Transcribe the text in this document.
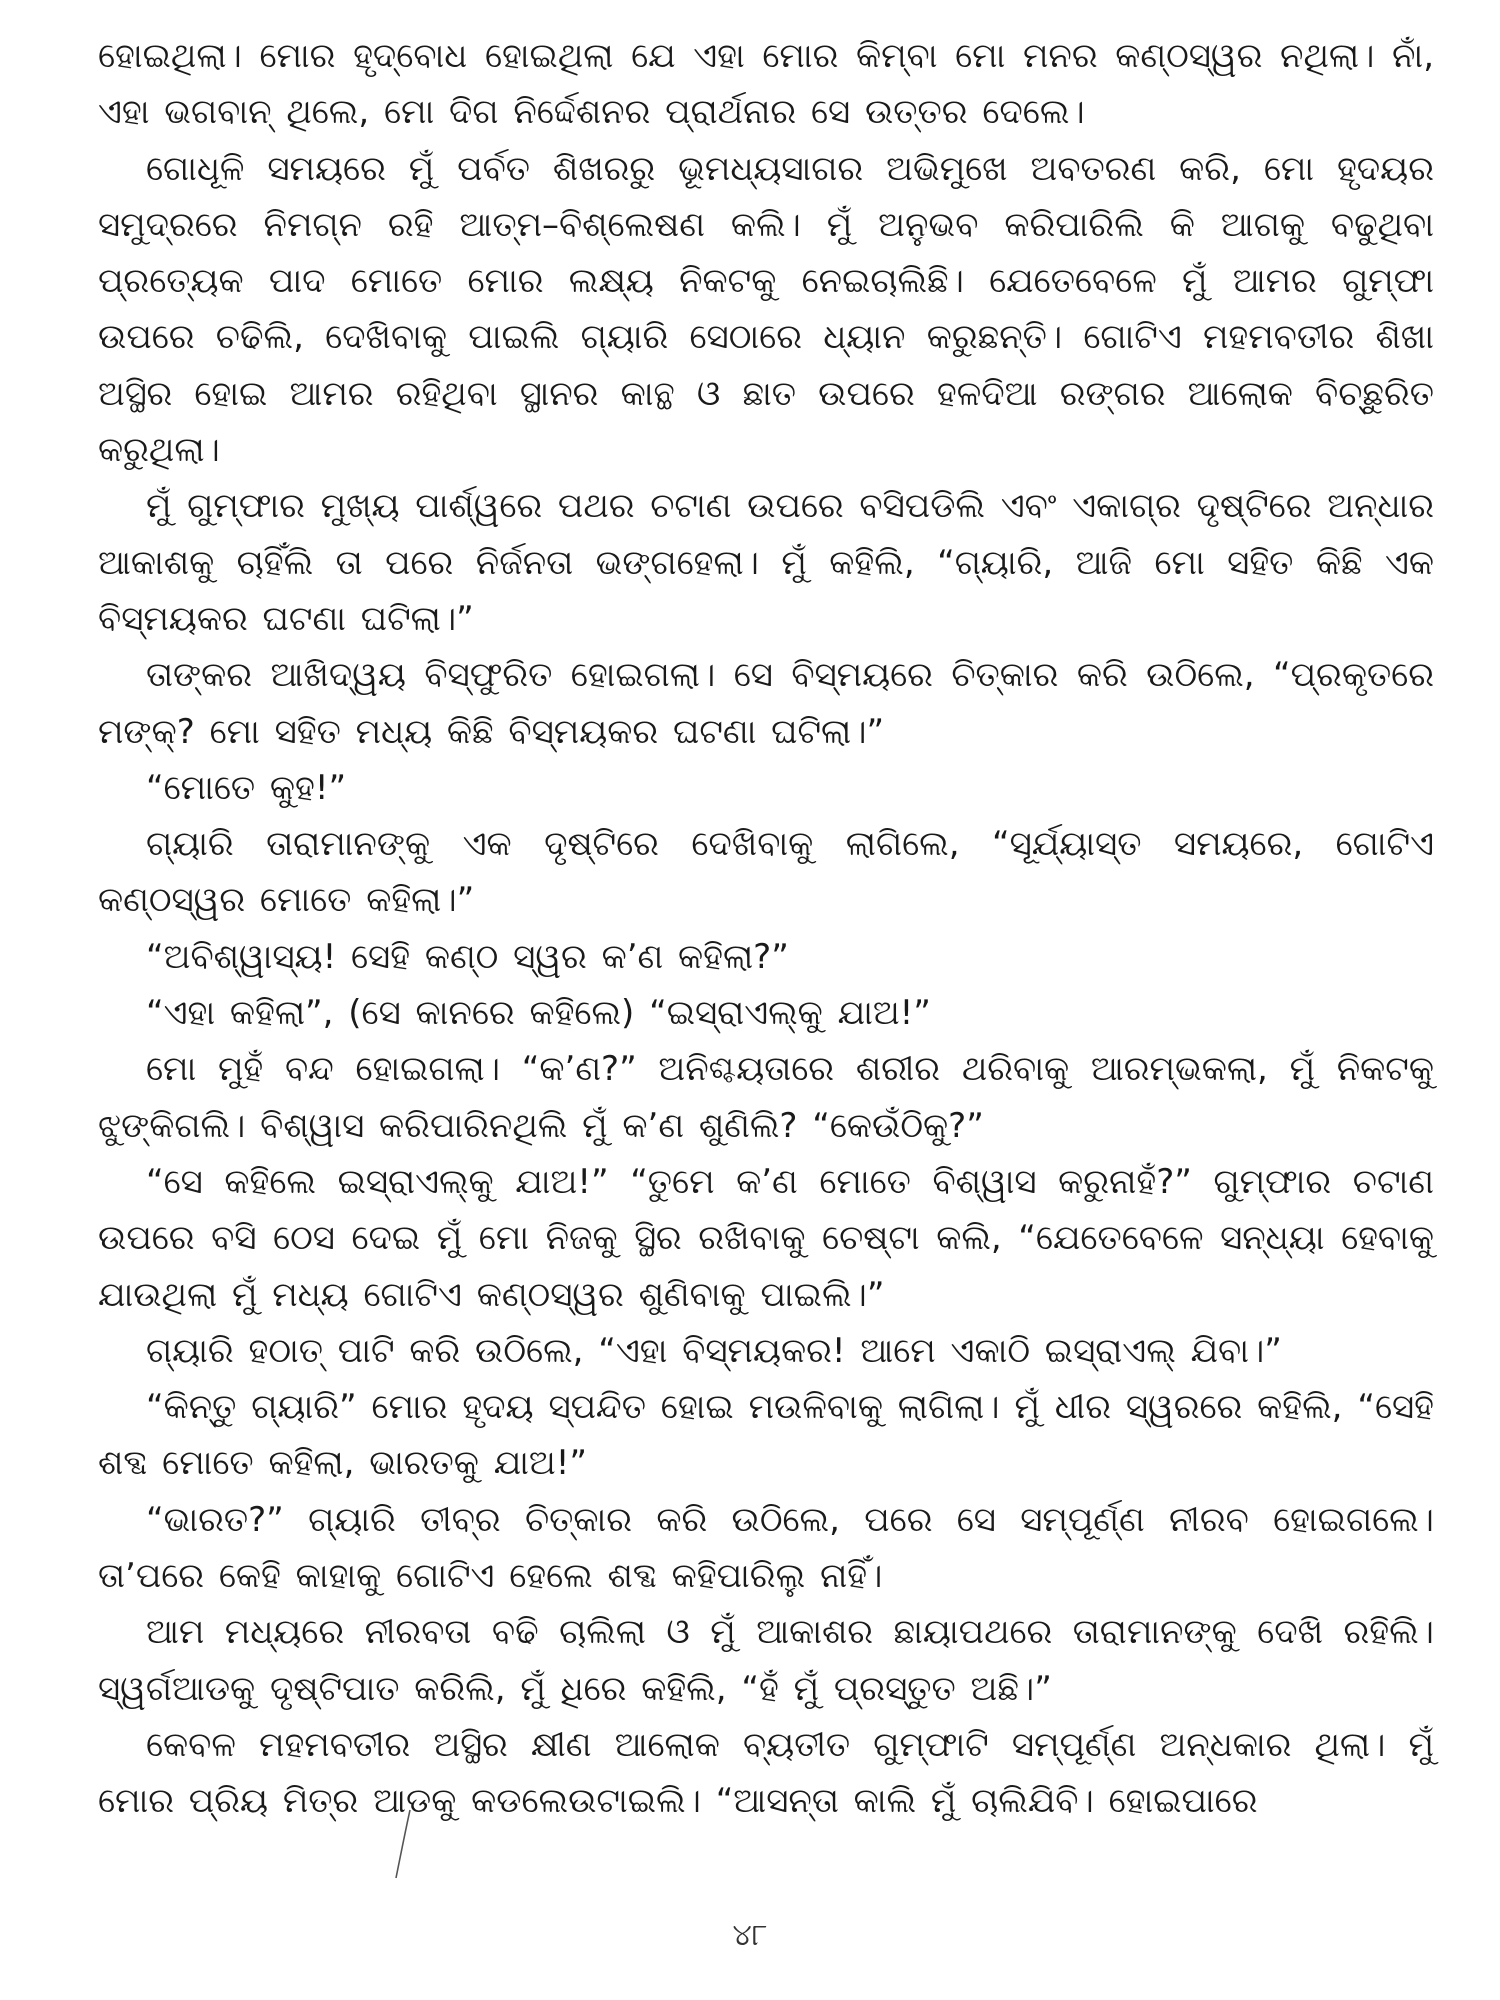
ହୋଇଥିଲା। ମୋର ହୃଦ୍‌ବୋଧ ହୋଇଥିଲା ଯେ ଏହା ମୋର କିମ୍ବା ମୋ ମନର କଣ୍ଠସ୍ୱର ନଥିଲା। ନାଁ, ଏହା ଭଗବାନ୍ ଥିଲେ, ମୋ ଦିଗ ନିର୍ଦ୍ଦେଶନର ପ୍ରାର୍ଥନାର ସେ ଉତ୍ତର ଦେଲେ।

ଗୋଧୂଳି ସମୟରେ ମୁଁ ପର୍ବତ ଶିଖରରୁ ଭୂମଧ୍ୟସାଗର ଅଭିମୁଖେ ଅବତରଣ କରି, ମୋ ହୃଦୟର ସମୁଦ୍ରରେ ନିମଗ୍ନ ରହି ଆତ୍ମ–ବିଶ୍ଲେଷଣ କଲି। ମୁଁ ଅନୁଭବ କରିପାରିଲି କି ଆଗକୁ ବଢୁଥିବା ପ୍ରତ୍ୟେକ ପାଦ ମୋତେ ମୋର ଲକ୍ଷ୍ୟ ନିକଟକୁ ନେଇଚାଲିଛି। ଯେତେବେଳେ ମୁଁ ଆମର ଗୁମ୍ଫା ଉପରେ ଚଢିଲି, ଦେଖିବାକୁ ପାଇଲି ଗ୍ୟାରି ସେଠାରେ ଧ୍ୟାନ କରୁଛନ୍ତି। ଗୋଟିଏ ମହମବତୀର ଶିଖା ଅସ୍ଥିର ହୋଇ ଆମର ରହିଥିବା ସ୍ଥାନର କାନ୍ଥ ଓ ଛାତ ଉପରେ ହଳଦିଆ ରଙ୍ଗର ଆଲୋକ ବିଚ୍ଛୁରିତ କରୁଥିଲା।

ମୁଁ ଗୁମ୍ଫାର ମୁଖ୍ୟ ପାର୍ଶ୍ୱରେ ପଥର ଚଟାଣ ଉପରେ ବସିପଡିଲି ଏବଂ ଏକାଗ୍ର ଦୃଷ୍ଟିରେ ଅନ୍ଧାର ଆକାଶକୁ ଚାହିଁଲି ତା ପରେ ନିର୍ଜନତା ଭଙ୍ଗହେଲା। ମୁଁ କହିଲି, “ଗ୍ୟାରି, ଆଜି ମୋ ସହିତ କିଛି ଏକ ବିସ୍ମୟକର ଘଟଣା ଘଟିଲା।”

ତାଙ୍କର ଆଖିଦ୍ୱୟ ବିସ୍ଫୁରିତ ହୋଇଗଲା। ସେ ବିସ୍ମୟରେ ଚିତ୍କାର କରି ଉଠିଲେ, “ପ୍ରକୃତରେ ମଙ୍କ୍? ମୋ ସହିତ ମଧ୍ୟ କିଛି ବିସ୍ମୟକର ଘଟଣା ଘଟିଲା।”

“ମୋତେ କୁହ!”

ଗ୍ୟାରି ତାରାମାନଙ୍କୁ ଏକ ଦୃଷ୍ଟିରେ ଦେଖିବାକୁ ଲାଗିଲେ, “ସୂର୍ଯ୍ୟାସ୍ତ ସମୟରେ, ଗୋଟିଏ କଣ୍ଠସ୍ୱର ମୋତେ କହିଲା।”

“ଅବିଶ୍ୱାସ୍ୟ! ସେହି କଣ୍ଠ ସ୍ୱର କ’ଣ କହିଲା?”

“ଏହା କହିଲା”, (ସେ କାନରେ କହିଲେ) “ଇସ୍‌ରାଏଲ୍‌କୁ ଯାଅ!”

ମୋ ମୁହଁ ବନ୍ଦ ହୋଇଗଲା। “କ’ଣ?” ଅନିଶ୍ଚୟତାରେ ଶରୀର ଥରିବାକୁ ଆରମ୍ଭକଲା, ମୁଁ ନିକଟକୁ ଝୁଙ୍କିଗଲି। ବିଶ୍ୱାସ କରିପାରିନଥିଲି ମୁଁ କ’ଣ ଶୁଣିଲି? “କେଉଁଠିକୁ?”

“ସେ କହିଲେ ଇସ୍‌ରାଏଲ୍‌କୁ ଯାଅ!” “ତୁମେ କ’ଣ ମୋତେ ବିଶ୍ୱାସ କରୁନାହଁ?” ଗୁମ୍ଫାର ଚଟାଣ ଉପରେ ବସି ଠେସ ଦେଇ ମୁଁ ମୋ ନିଜକୁ ସ୍ଥିର ରଖିବାକୁ ଚେଷ୍ଟା କଲି, “ଯେତେବେଳେ ସନ୍ଧ୍ୟା ହେବାକୁ ଯାଉଥିଲା ମୁଁ ମଧ୍ୟ ଗୋଟିଏ କଣ୍ଠସ୍ୱର ଶୁଣିବାକୁ ପାଇଲି।”

ଗ୍ୟାରି ହଠାତ୍ ପାଟି କରି ଉଠିଲେ, “ଏହା ବିସ୍ମୟକର! ଆମେ ଏକାଠି ଇସ୍‌ରାଏଲ୍ ଯିବା।”

“କିନ୍ତୁ ଗ୍ୟାରି” ମୋର ହୃଦୟ ସ୍ପନ୍ଦିତ ହୋଇ ମଉଳିବାକୁ ଲାଗିଲା। ମୁଁ ଧୀର ସ୍ୱରରେ କହିଲି, “ସେହି ଶବ୍ଦ ମୋତେ କହିଲା, ଭାରତକୁ ଯାଅ!”

“ଭାରତ?” ଗ୍ୟାରି ତୀବ୍ର ଚିତ୍କାର କରି ଉଠିଲେ, ପରେ ସେ ସମ୍ପୂର୍ଣ୍ଣ ନୀରବ ହୋଇଗଲେ। ତା’ପରେ କେହି କାହାକୁ ଗୋଟିଏ ହେଲେ ଶବ୍ଦ କହିପାରିଲୁ ନାହିଁ।

ଆମ ମଧ୍ୟରେ ନୀରବତା ବଢି ଚାଲିଲା ଓ ମୁଁ ଆକାଶର ଛାୟାପଥରେ ତାରାମାନଙ୍କୁ ଦେଖି ରହିଲି। ସ୍ୱର୍ଗଆଡକୁ ଦୃଷ୍ଟିପାତ କରିଲି, ମୁଁ ଧିରେ କହିଲି, “ହଁ ମୁଁ ପ୍ରସ୍ତୁତ ଅଛି।”

କେବଳ ମହମବତୀର ଅସ୍ଥିର କ୍ଷୀଣ ଆଲୋକ ବ୍ୟତୀତ ଗୁମ୍ଫାଟି ସମ୍ପୂର୍ଣ୍ଣ ଅନ୍ଧକାର ଥିଲା। ମୁଁ ମୋର ପ୍ରିୟ ମିତ୍ର ଆଡକୁ କଡଲେଉଟାଇଲି। “ଆସନ୍ତା କାଲି ମୁଁ ଚାଲିଯିବି। ହୋଇପାରେ

୪୮
